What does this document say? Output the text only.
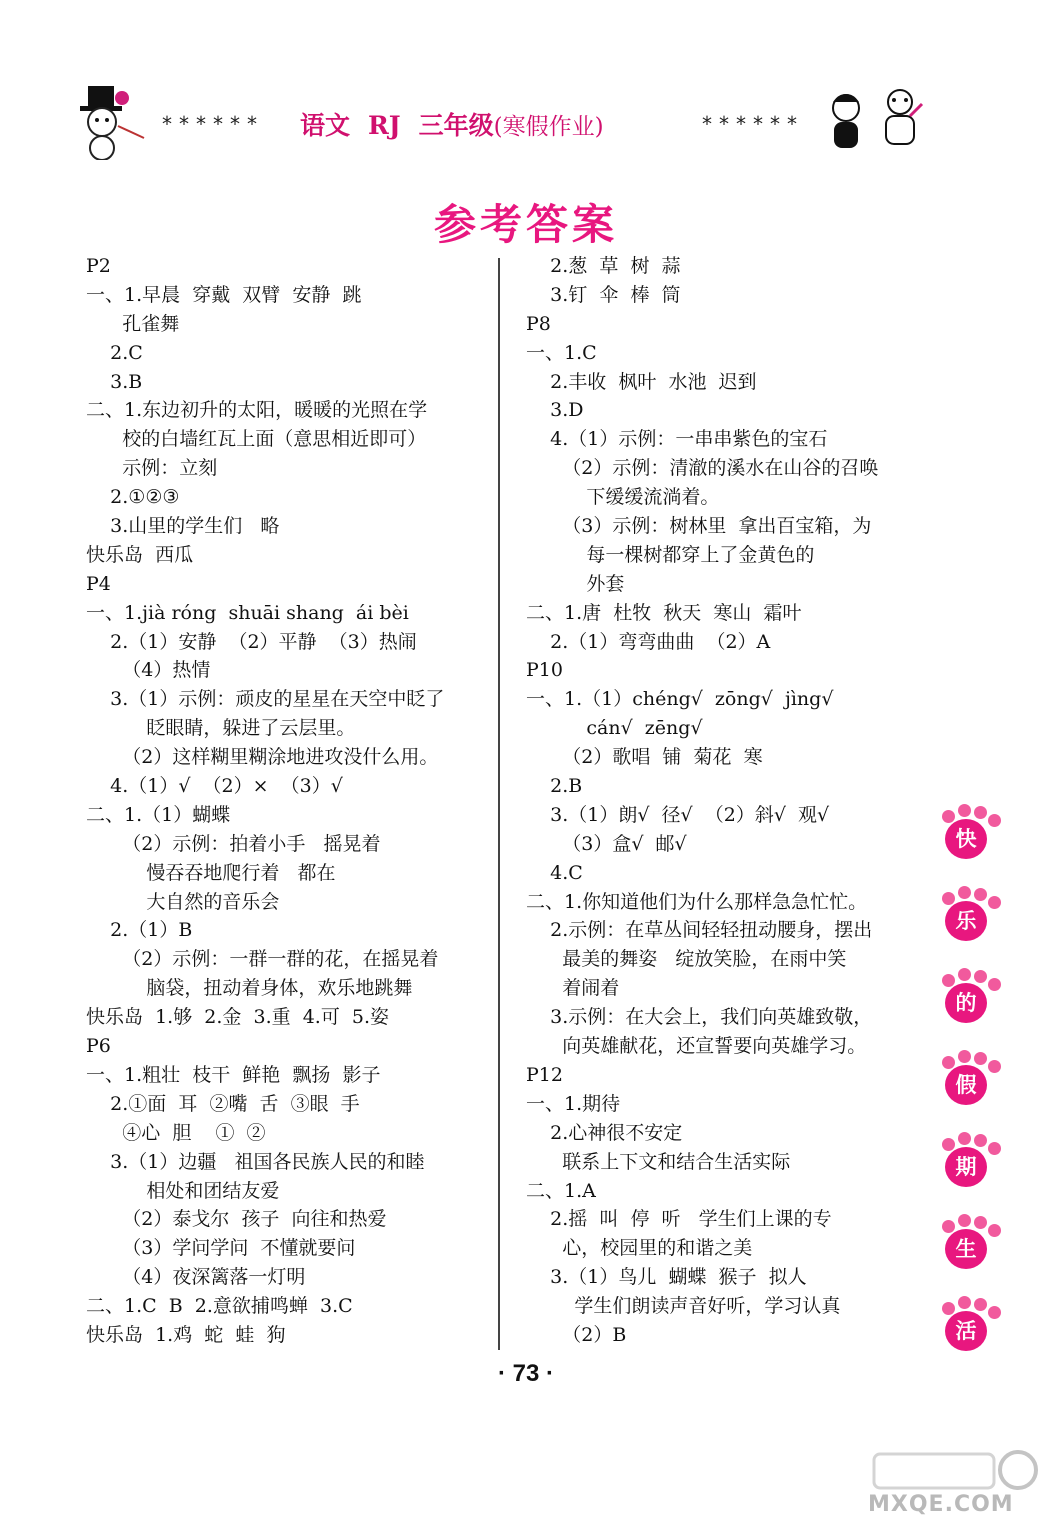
****** 语文 RJ 三年级(寒假作业)	******
参考答案
P2
一、1.早晨  穿戴  双臂  安静  跳
孔雀舞
2.C
3.B
二、1.东边初升的太阳，暖暖的光照在学
校的白墙红瓦上面（意思相近即可）
示例：立刻
2.①②③
3.山里的学生们   略
快乐岛  西瓜
P4
一、1.jià róng  shuāi shang  ái bèi
2.（1）安静  （2）平静  （3）热闹
（4）热情
3.（1）示例：顽皮的星星在天空中眨了
眨眼睛，躲进了云层里。
（2）这样糊里糊涂地进攻没什么用。
4.（1）√  （2）×  （3）√
二、1.（1）蝴蝶
（2）示例：拍着小手   摇晃着
慢吞吞地爬行着   都在
大自然的音乐会
2.（1）B
（2）示例：一群一群的花，在摇晃着
脑袋，扭动着身体，欢乐地跳舞
快乐岛  1.够  2.金  3.重  4.可  5.姿
P6
一、1.粗壮  枝干  鲜艳  飘扬  影子
2.①面  耳  ②嘴  舌  ③眼  手
④心  胆    ①  ②
3.（1）边疆   祖国各民族人民的和睦
相处和团结友爱
（2）泰戈尔  孩子  向往和热爱
（3）学问学问  不懂就要问
（4）夜深篱落一灯明
二、1.C  B  2.意欲捕鸣蝉  3.C
快乐岛  1.鸡  蛇  蛙  狗
2.葱  草  树  蒜
3.钉  伞  棒  筒
P8
一、1.C
2.丰收  枫叶  水池  迟到
3.D
4.（1）示例：一串串紫色的宝石
（2）示例：清澈的溪水在山谷的召唤
下缓缓流淌着。
（3）示例：树林里  拿出百宝箱，为
每一棵树都穿上了金黄色的
外套
二、1.唐  杜牧  秋天  寒山  霜叶
2.（1）弯弯曲曲  （2）A
P10
一、1.（1）chéng√  zōng√  jìng√
cán√  zēng√
（2）歌唱  铺  菊花  寒
2.B
3.（1）朗√  径√  （2）斜√  观√
（3）盒√  邮√
4.C
二、1.你知道他们为什么那样急急忙忙。
2.示例：在草丛间轻轻扭动腰身，摆出
最美的舞姿   绽放笑脸，在雨中笑
着闹着
3.示例：在大会上，我们向英雄致敬，
向英雄献花，还宣誓要向英雄学习。
P12
一、1.期待
2.心神很不安定
联系上下文和结合生活实际
二、1.A
2.摇  叫  停  听   学生们上课的专
心，校园里的和谐之美
3.（1）鸟儿  蝴蝶  猴子  拟人
学生们朗读声音好听，学习认真
（2）B
快
乐
的
假
期
生
活
· 73 ·
MXQE.COM
